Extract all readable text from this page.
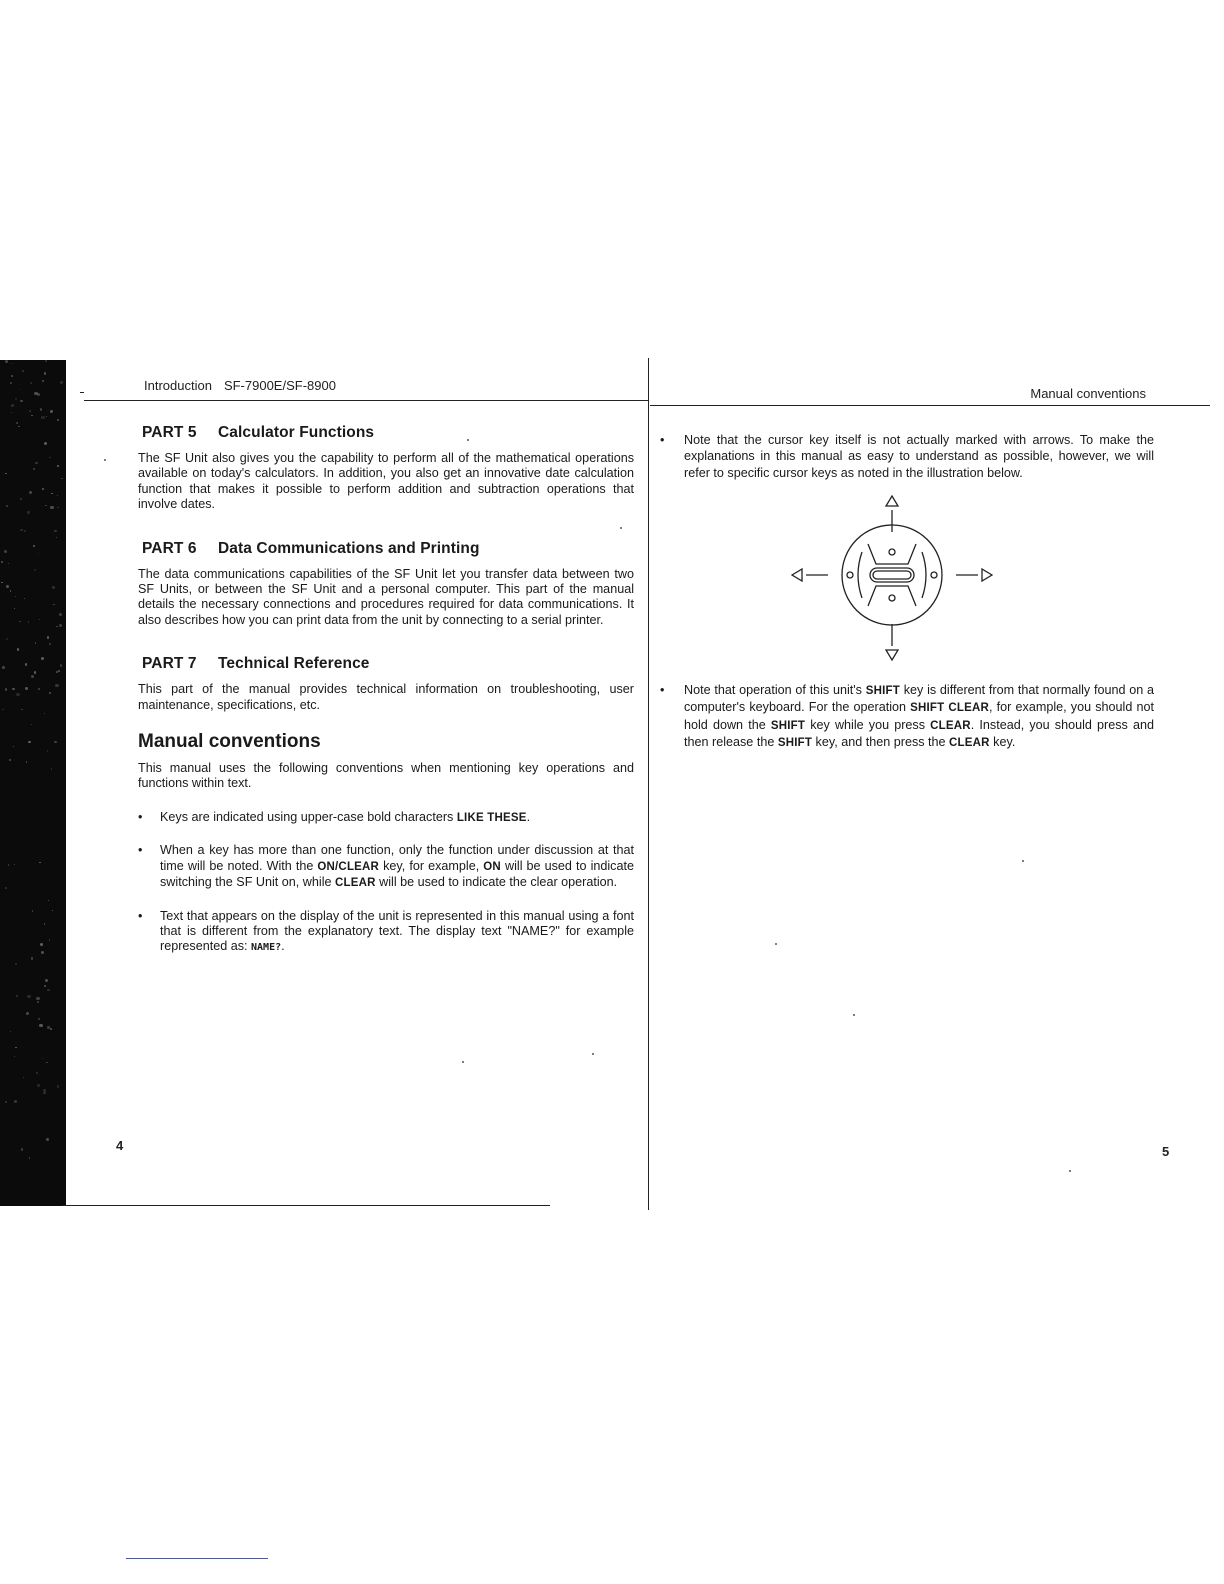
Introduction SF-7900E/SF-8900
Manual conventions
PART 5 Calculator Functions

The SF Unit also gives you the capability to perform all of the mathematical operations available on today's calculators. In addition, you also get an innovative date calculation function that makes it possible to perform addition and subtraction operations that involve dates.

PART 6 Data Communications and Printing

The data communications capabilities of the SF Unit let you transfer data between two SF Units, or between the SF Unit and a personal computer. This part of the manual details the necessary connections and procedures required for data communications. It also describes how you can print data from the unit by connecting to a serial printer.

PART 7 Technical Reference

This part of the manual provides technical information on troubleshooting, user maintenance, specifications, etc.

Manual conventions

This manual uses the following conventions when mentioning key operations and functions within text.

• Keys are indicated using upper-case bold characters LIKE THESE.
• When a key has more than one function, only the function under discussion at that time will be noted. With the ON/CLEAR key, for example, ON will be used to indicate switching the SF Unit on, while CLEAR will be used to indicate the clear operation.
• Text that appears on the display of the unit is represented in this manual using a font that is different from the explanatory text. The display text "NAME?" for example represented as: NAME?.
• Note that the cursor key itself is not actually marked with arrows. To make the explanations in this manual as easy to understand as possible, however, we will refer to specific cursor keys as noted in the illustration below.
• Note that operation of this unit's SHIFT key is different from that normally found on a computer's keyboard. For the operation SHIFT CLEAR, for example, you should not hold down the SHIFT key while you press CLEAR. Instead, you should press and then release the SHIFT key, and then press the CLEAR key.
4	5
